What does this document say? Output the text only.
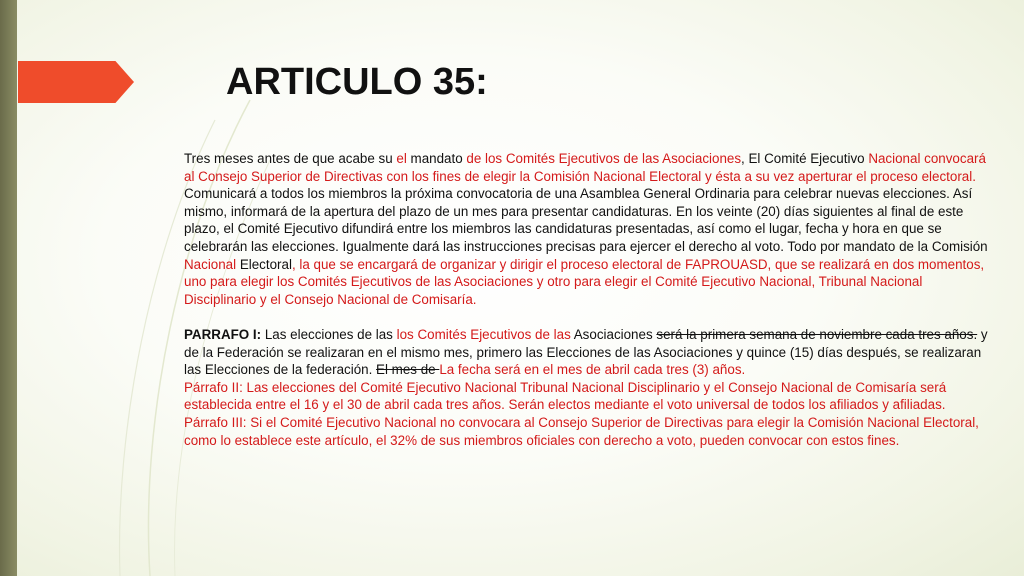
ARTICULO 35:

Tres meses antes de que acabe su el mandato de los Comités Ejecutivos de las Asociaciones, El Comité Ejecutivo Nacional convocará al Consejo Superior de Directivas con los fines de elegir la Comisión Nacional Electoral y ésta a su vez aperturar el proceso electoral. Comunicará a todos los miembros la próxima convocatoria de una Asamblea General Ordinaria para celebrar nuevas elecciones. Así mismo, informará de la apertura del plazo de un mes para presentar candidaturas. En los veinte (20) días siguientes al final de este plazo, el Comité Ejecutivo difundirá entre los miembros las candidaturas presentadas, así como el lugar, fecha y hora en que se celebrarán las elecciones. Igualmente dará las instrucciones precisas para ejercer el derecho al voto. Todo por mandato de la Comisión Nacional Electoral, la que se encargará de organizar y dirigir el proceso electoral de FAPROUASD, que se realizará en dos momentos, uno para elegir los Comités Ejecutivos de las Asociaciones y otro para elegir el Comité Ejecutivo Nacional, Tribunal Nacional Disciplinario y el Consejo Nacional de Comisaría.

PARRAFO I: Las elecciones de las los Comités Ejecutivos de las Asociaciones será la primera semana de noviembre cada tres años. y de la Federación se realizaran en el mismo mes, primero las Elecciones de las Asociaciones y quince (15) días después, se realizaran las Elecciones de la federación. El mes de La fecha será en el mes de abril cada tres (3) años.

Párrafo II: Las elecciones del Comité Ejecutivo Nacional Tribunal Nacional Disciplinario y el Consejo Nacional de Comisaría será establecida entre el 16 y el 30 de abril cada tres años. Serán electos mediante el voto universal de todos los afiliados y afiliadas.

Párrafo III: Si el Comité Ejecutivo Nacional no convocara al Consejo Superior de Directivas para elegir la Comisión Nacional Electoral, como lo establece este artículo, el 32% de sus miembros oficiales con derecho a voto, pueden convocar con estos fines.
